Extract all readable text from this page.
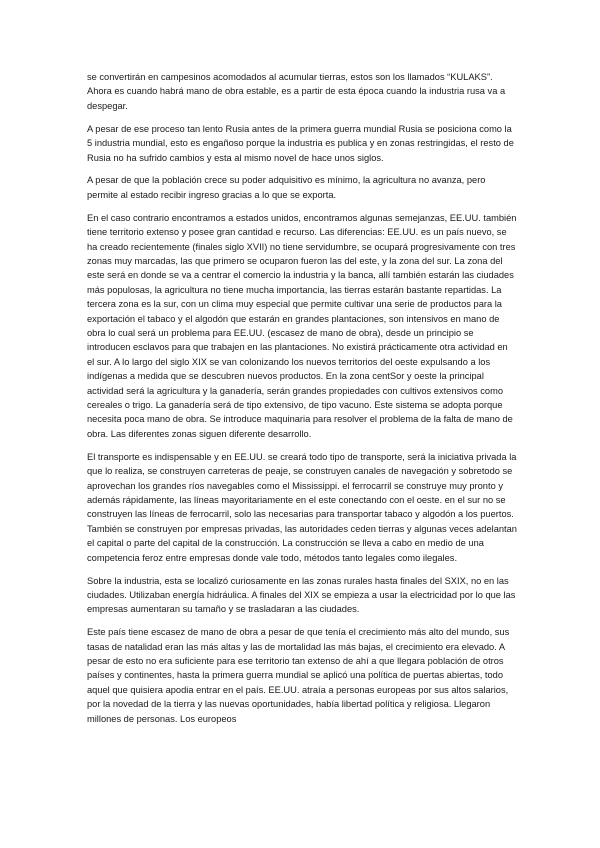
se convertirán en campesinos acomodados al acumular tierras, estos son los llamados “KULAKS”. Ahora es cuando habrá mano de obra estable, es a partir de esta época cuando la industria rusa va a despegar.

A pesar de ese proceso tan lento Rusia antes de la primera guerra mundial Rusia se posiciona como la 5 industria mundial, esto es engañoso porque la industria es publica y en zonas restringidas, el resto de Rusia no ha sufrido cambios y esta al mismo novel de hace unos siglos.

A pesar de que la población crece su poder adquisitivo es mínimo, la agricultura no avanza, pero permite al estado recibir ingreso gracias a lo que se exporta.

En el caso contrario encontramos a estados unidos, encontramos algunas semejanzas, EE.UU. también tiene territorio extenso y posee gran cantidad e recurso. Las diferencias: EE.UU. es un país nuevo, se ha creado recientemente (finales siglo XVII) no tiene servidumbre, se ocupará progresivamente con tres zonas muy marcadas, las que primero se ocuparon fueron las del este, y la zona del sur. La zona del este será en donde se va a centrar el comercio la industria y la banca, allí también estarán las ciudades más populosas, la agricultura no tiene mucha importancia, las tierras estarán bastante repartidas. La tercera zona es la sur, con un clima muy especial que permite cultivar una serie de productos para la exportación el tabaco y el algodón que estarán en grandes plantaciones, son intensivos en mano de obra lo cual será un problema para EE.UU. (escasez de mano de obra), desde un principio se introducen esclavos para que trabajen en las plantaciones. No existirá prácticamente otra actividad en el sur. A lo largo del siglo XIX se van colonizando los nuevos territorios del oeste expulsando a los indígenas a medida que se descubren nuevos productos. En la zona centSor y oeste la principal actividad será la agricultura y la ganadería, serán grandes propiedades con cultivos extensivos como cereales o trigo. La ganadería será de tipo extensivo, de tipo vacuno. Este sistema se adopta porque necesita poca mano de obra. Se introduce maquinaria para resolver el problema de la falta de mano de obra. Las diferentes zonas siguen diferente desarrollo.

El transporte es indispensable y en EE.UU. se creará todo tipo de transporte, será la iniciativa privada la que lo realiza, se construyen carreteras de peaje, se construyen canales de navegación y sobretodo se aprovechan los grandes ríos navegables como el Mississippi. el ferrocarril se construye muy pronto y además rápidamente, las líneas mayoritariamente en el este conectando con el oeste. en el sur no se construyen las líneas de ferrocarril, solo las necesarias para transportar tabaco y algodón a los puertos. También se construyen por empresas privadas, las autoridades ceden tierras y algunas veces adelantan el capital o parte del capital de la construcción. La construcción se lleva a cabo en medio de una competencia feroz entre empresas donde vale todo, métodos tanto legales como ilegales.

Sobre la industria, esta se localizó curiosamente en las zonas rurales hasta finales del SXIX, no en las ciudades. Utilizaban energía hidráulica. A finales del XIX se empieza a usar la electricidad por lo que las empresas aumentaran su tamaño y se trasladaran a las ciudades.

Este país tiene escasez de mano de obra a pesar de que tenía el crecimiento más alto del mundo, sus tasas de natalidad eran las más altas y las de mortalidad las más bajas, el crecimiento era elevado. A pesar de esto no era suficiente para ese territorio tan extenso de ahí a que llegara población de otros países y continentes, hasta la primera guerra mundial se aplicó una política de puertas abiertas, todo aquel que quisiera apodia entrar en el país. EE.UU. atraía a personas europeas por sus altos salarios, por la novedad de la tierra y las nuevas oportunidades, había libertad política y religiosa. Llegaron millones de personas. Los europeos
